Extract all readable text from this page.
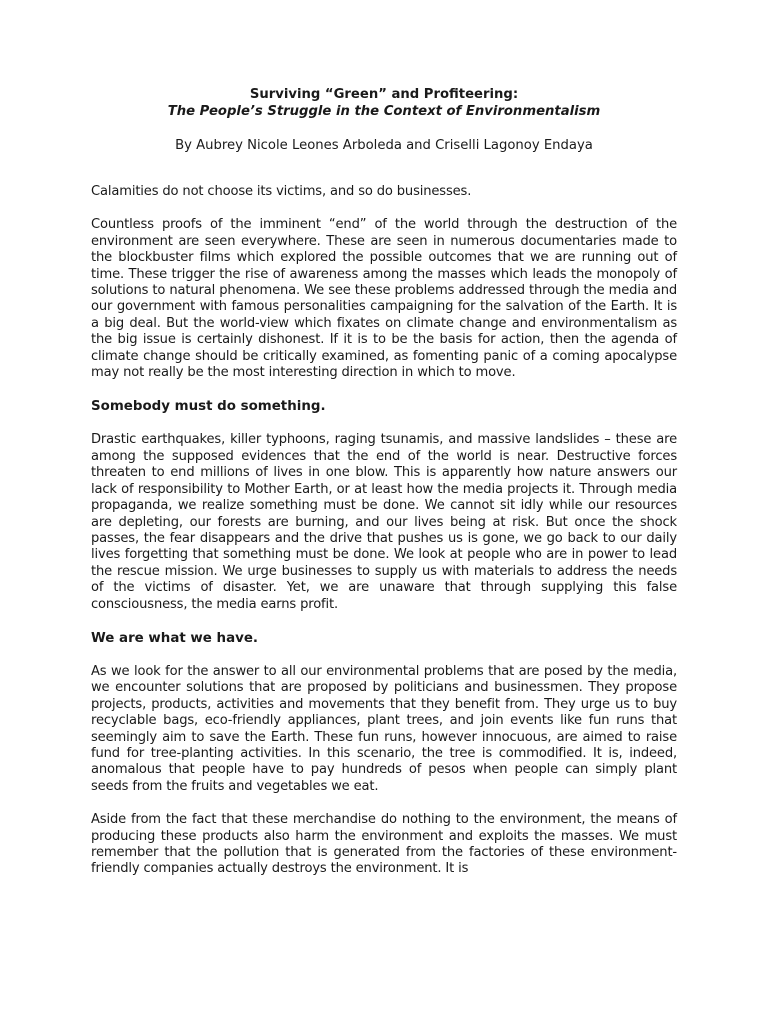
Surviving “Green” and Profiteering:
The People’s Struggle in the Context of Environmentalism
By Aubrey Nicole Leones Arboleda and Criselli Lagonoy Endaya

Calamities do not choose its victims, and so do businesses.

Countless proofs of the imminent “end” of the world through the destruction of the environment are seen everywhere. These are seen in numerous documentaries made to the blockbuster films which explored the possible outcomes that we are running out of time. These trigger the rise of awareness among the masses which leads the monopoly of solutions to natural phenomena. We see these problems addressed through the media and our government with famous personalities campaigning for the salvation of the Earth. It is a big deal. But the world-view which fixates on climate change and environmentalism as the big issue is certainly dishonest. If it is to be the basis for action, then the agenda of climate change should be critically examined, as fomenting panic of a coming apocalypse may not really be the most interesting direction in which to move.

Somebody must do something.

Drastic earthquakes, killer typhoons, raging tsunamis, and massive landslides – these are among the supposed evidences that the end of the world is near. Destructive forces threaten to end millions of lives in one blow. This is apparently how nature answers our lack of responsibility to Mother Earth, or at least how the media projects it. Through media propaganda, we realize something must be done. We cannot sit idly while our resources are depleting, our forests are burning, and our lives being at risk. But once the shock passes, the fear disappears and the drive that pushes us is gone, we go back to our daily lives forgetting that something must be done. We look at people who are in power to lead the rescue mission. We urge businesses to supply us with materials to address the needs of the victims of disaster. Yet, we are unaware that through supplying this false consciousness, the media earns profit.

We are what we have.

As we look for the answer to all our environmental problems that are posed by the media, we encounter solutions that are proposed by politicians and businessmen. They propose projects, products, activities and movements that they benefit from. They urge us to buy recyclable bags, eco-friendly appliances, plant trees, and join events like fun runs that seemingly aim to save the Earth. These fun runs, however innocuous, are aimed to raise fund for tree-planting activities. In this scenario, the tree is commodified. It is, indeed, anomalous that people have to pay hundreds of pesos when people can simply plant seeds from the fruits and vegetables we eat.

Aside from the fact that these merchandise do nothing to the environment, the means of producing these products also harm the environment and exploits the masses. We must remember that the pollution that is generated from the factories of these environment-friendly companies actually destroys the environment. It is
